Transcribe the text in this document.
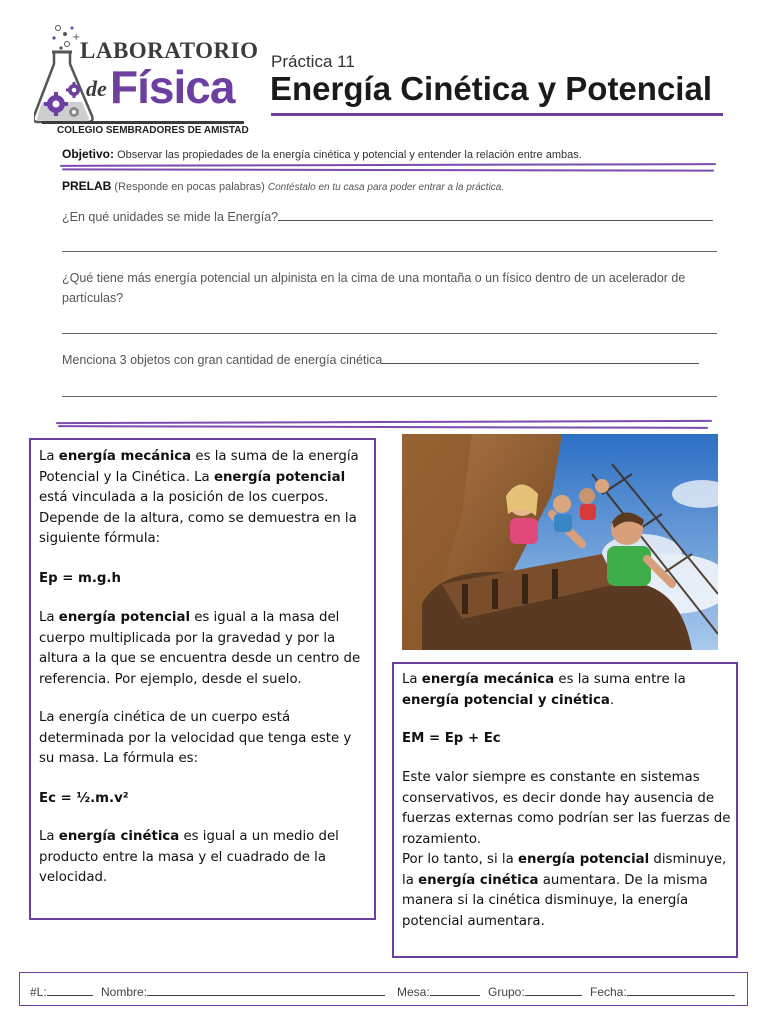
+
LABORATORIO
de Física
COLEGIO SEMBRADORES DE AMISTAD
Práctica 11
Energía Cinética y Potencial
Objetivo: Observar las propiedades de la energía cinética y potencial y entender la relación entre ambas.
PRELAB (Responde en pocas palabras) Contéstalo en tu casa para poder entrar a la práctica.
¿En qué unidades se mide la Energía?
¿Qué tiene más energía potencial un alpinista en la cima de una montaña o un físico dentro de un acelerador de partículas?
Menciona 3 objetos con gran cantidad de energía cinética
La energía mecánica es la suma de la energía Potencial y la Cinética. La energía potencial está vinculada a la posición de los cuerpos. Depende de la altura, como se demuestra en la siguiente fórmula:
Ep = m.g.h
La energía potencial es igual a la masa del cuerpo multiplicada por la gravedad y por la altura a la que se encuentra desde un centro de referencia. Por ejemplo, desde el suelo.
La energía cinética de un cuerpo está determinada por la velocidad que tenga este y su masa. La fórmula es:
Ec = ½.m.v²
La energía cinética es igual a un medio del producto entre la masa y el cuadrado de la velocidad.
La energía mecánica es la suma entre la energía potencial y cinética.
EM = Ep + Ec
Este valor siempre es constante en sistemas conservativos, es decir donde hay ausencia de fuerzas externas como podrían ser las fuerzas de rozamiento.
Por lo tanto, si la energía potencial disminuye, la energía cinética aumentara. De la misma manera si la cinética disminuye, la energía potencial aumentara.
#L:	Nombre:	Mesa:	Grupo:	Fecha:
